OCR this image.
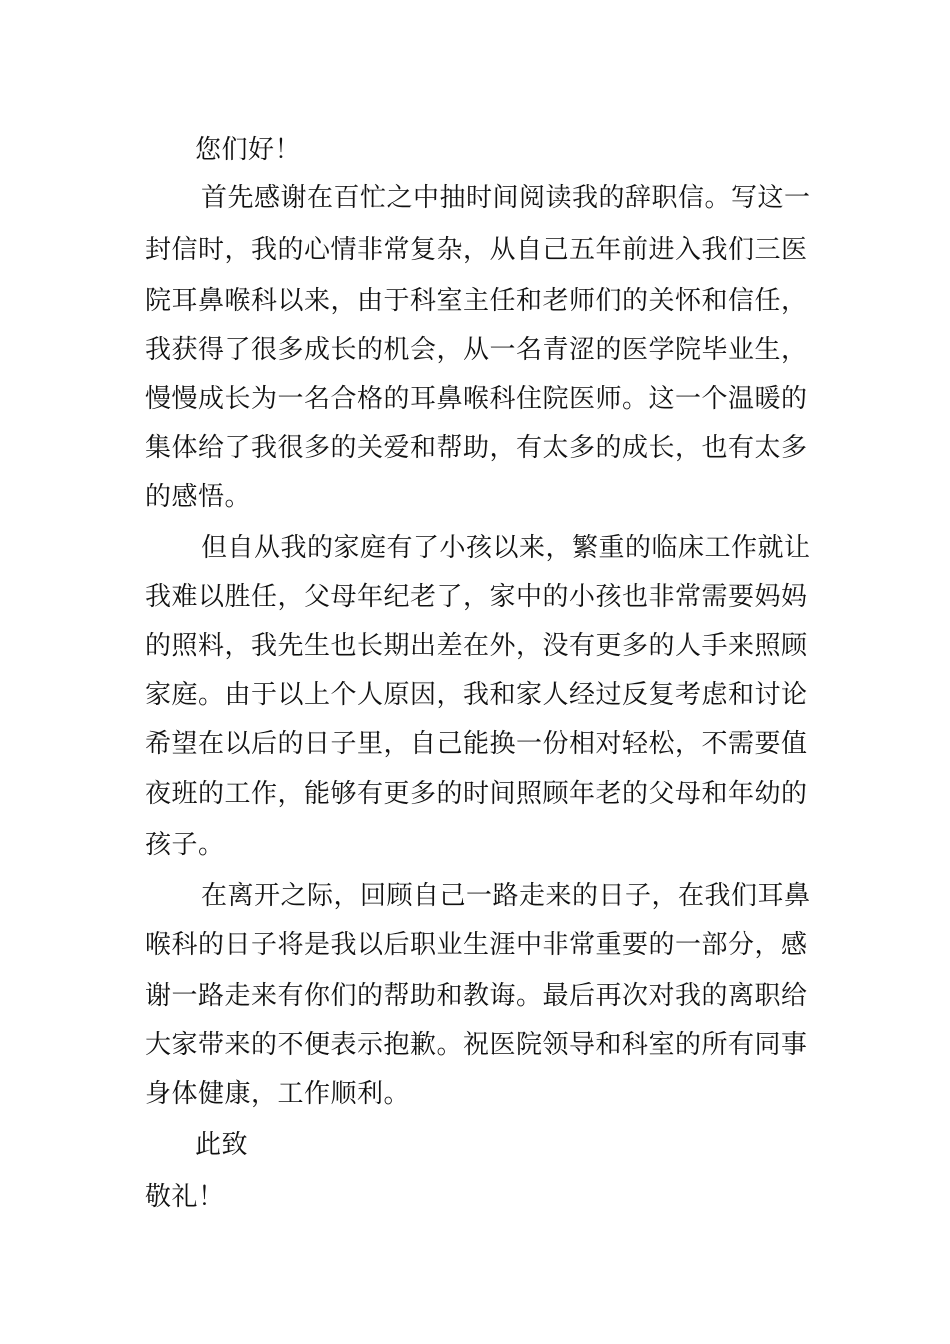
您们好！
首先感谢在百忙之中抽时间阅读我的辞职信。写这一
封信时，我的心情非常复杂，从自己五年前进入我们三医
院耳鼻喉科以来，由于科室主任和老师们的关怀和信任，
我获得了很多成长的机会，从一名青涩的医学院毕业生，
慢慢成长为一名合格的耳鼻喉科住院医师。这一个温暖的
集体给了我很多的关爱和帮助，有太多的成长，也有太多
的感悟。
但自从我的家庭有了小孩以来，繁重的临床工作就让
我难以胜任，父母年纪老了，家中的小孩也非常需要妈妈
的照料，我先生也长期出差在外，没有更多的人手来照顾
家庭。由于以上个人原因，我和家人经过反复考虑和讨论
希望在以后的日子里，自己能换一份相对轻松，不需要值
夜班的工作，能够有更多的时间照顾年老的父母和年幼的
孩子。
在离开之际，回顾自己一路走来的日子，在我们耳鼻
喉科的日子将是我以后职业生涯中非常重要的一部分，感
谢一路走来有你们的帮助和教诲。最后再次对我的离职给
大家带来的不便表示抱歉。祝医院领导和科室的所有同事
身体健康，工作顺利。
此致
敬礼！
